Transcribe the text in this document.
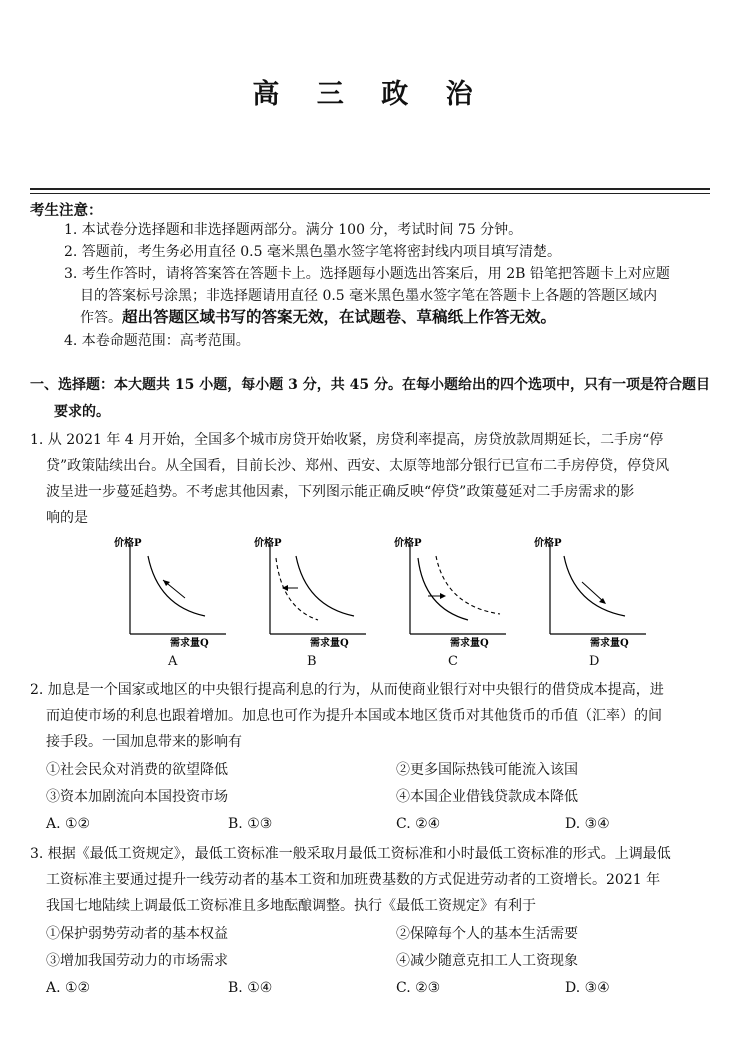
高 三 政 治
考生注意：
1. 本试卷分选择题和非选择题两部分。满分 100 分，考试时间 75 分钟。
2. 答题前，考生务必用直径 0.5 毫米黑色墨水签字笔将密封线内项目填写清楚。
3. 考生作答时，请将答案答在答题卡上。选择题每小题选出答案后，用 2B 铅笔把答题卡上对应题
目的答案标号涂黑；非选择题请用直径 0.5 毫米黑色墨水签字笔在答题卡上各题的答题区域内
作答。超出答题区域书写的答案无效，在试题卷、草稿纸上作答无效。
4. 本卷命题范围：高考范围。
一、选择题：本大题共 15 小题，每小题 3 分，共 45 分。在每小题给出的四个选项中，只有一项是符合题目
要求的。
1. 从 2021 年 4 月开始，全国多个城市房贷开始收紧，房贷利率提高，房贷放款周期延长，二手房“停
贷”政策陆续出台。从全国看，目前长沙、郑州、西安、太原等地部分银行已宣布二手房停贷，停贷风
波呈进一步蔓延趋势。不考虑其他因素，下列图示能正确反映“停贷”政策蔓延对二手房需求的影
响的是
价格P
需求量Q
A
价格P
需求量Q
B
价格P
需求量Q
C
价格P
需求量Q
D
2. 加息是一个国家或地区的中央银行提高利息的行为，从而使商业银行对中央银行的借贷成本提高，进
而迫使市场的利息也跟着增加。加息也可作为提升本国或本地区货币对其他货币的币值（汇率）的间
接手段。一国加息带来的影响有
①社会民众对消费的欲望降低	②更多国际热钱可能流入该国
③资本加剧流向本国投资市场	④本国企业借钱贷款成本降低
A. ①②	B. ①③	C. ②④	D. ③④
3. 根据《最低工资规定》，最低工资标准一般采取月最低工资标准和小时最低工资标准的形式。上调最低
工资标准主要通过提升一线劳动者的基本工资和加班费基数的方式促进劳动者的工资增长。2021 年
我国七地陆续上调最低工资标准且多地酝酿调整。执行《最低工资规定》有利于
①保护弱势劳动者的基本权益	②保障每个人的基本生活需要
③增加我国劳动力的市场需求	④减少随意克扣工人工资现象
A. ①②	B. ①④	C. ②③	D. ③④
